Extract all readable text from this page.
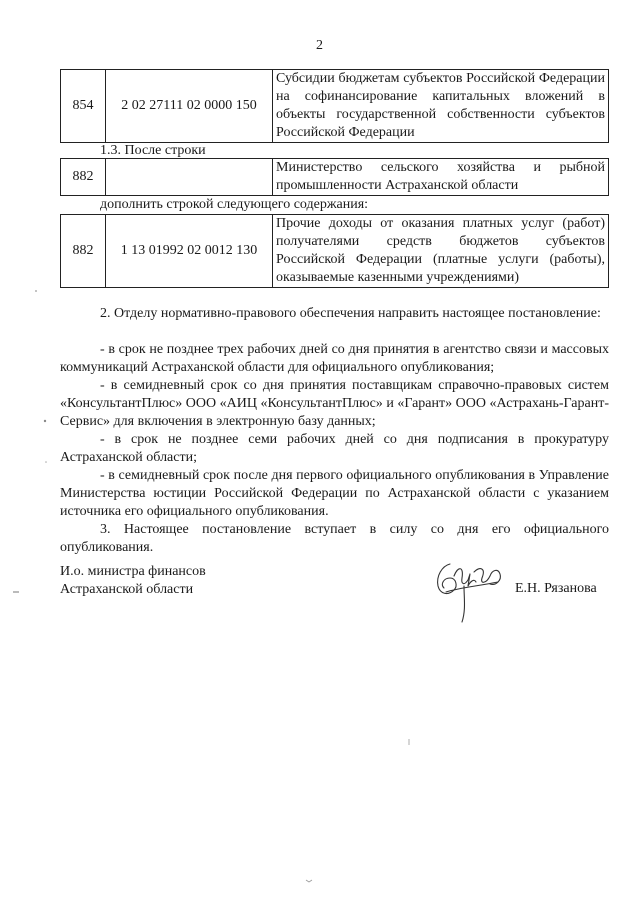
2
854	2 02 27111 02 0000 150	Субсидии бюджетам субъектов Российской Федерации на софинансирование капитальных вложений в объекты государственной собственности субъектов Российской Федерации
1.3. После строки
882		Министерство сельского хозяйства и рыбной промышленности Астраханской области
дополнить строкой следующего содержания:
882	1 13 01992 02 0012 130	Прочие доходы от оказания платных услуг (работ) получателями средств бюджетов субъектов Российской Федерации (платные услуги (работы), оказываемые казенными учреждениями)
2. Отделу нормативно-правового обеспечения направить настоящее постановление:
- в срок не позднее трех рабочих дней со дня принятия в агентство связи и массовых коммуникаций Астраханской области для официального опубликования;
- в семидневный срок со дня принятия поставщикам справочно-правовых систем «КонсультантПлюс» ООО «АИЦ «КонсультантПлюс» и «Гарант» ООО «Астрахань-Гарант-Сервис» для включения в электронную базу данных;
- в срок не позднее семи рабочих дней со дня подписания в прокуратуру Астраханской области;
- в семидневный срок после дня первого официального опубликования в Управление Министерства юстиции Российской Федерации по Астраханской области с указанием источника его официального опубликования.
3. Настоящее постановление вступает в силу со дня его официального опубликования.
И.о. министра финансов
Астраханской области	Е.Н. Рязанова
